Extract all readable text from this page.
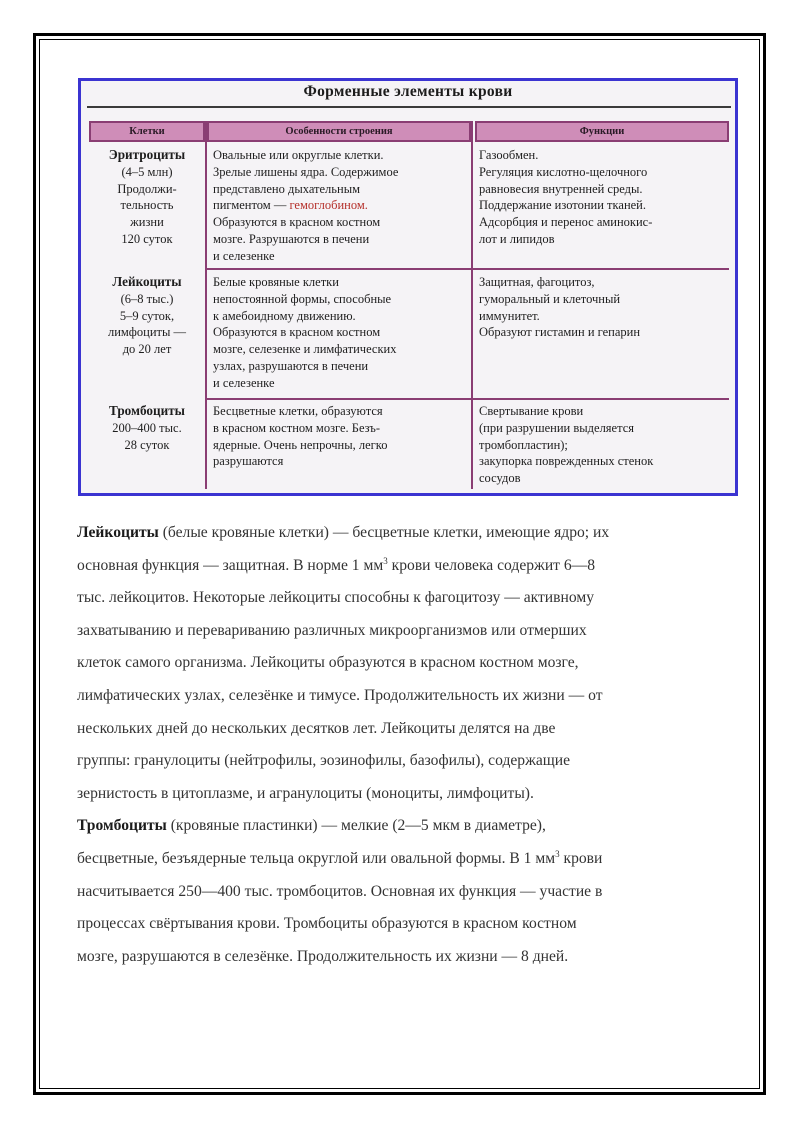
Форменные элементы крови
Клетки	Особенности строения	Функции
Эритроциты
(4–5 млн)
Продолжи-
тельность
жизни
120 суток
Овальные или округлые клетки.
Зрелые лишены ядра. Содержимое
представлено дыхательным
пигментом — гемоглобином.
Образуются в красном костном
мозге. Разрушаются в печени
и селезенке
Газообмен.
Регуляция кислотно-щелочного
равновесия внутренней среды.
Поддержание изотонии тканей.
Адсорбция и перенос аминокис-
лот и липидов
Лейкоциты
(6–8 тыс.)
5–9 суток,
лимфоциты —
до 20 лет
Белые кровяные клетки
непостоянной формы, способные
к амебоидному движению.
Образуются в красном костном
мозге, селезенке и лимфатических
узлах, разрушаются в печени
и селезенке
Защитная, фагоцитоз,
гуморальный и клеточный
иммунитет.
Образуют гистамин и гепарин
Тромбоциты
200–400 тыс.
28 суток
Бесцветные клетки, образуются
в красном костном мозге. Безъ-
ядерные. Очень непрочны, легко
разрушаются
Свертывание крови
(при разрушении выделяется
тромбопластин);
закупорка поврежденных стенок
сосудов
Лейкоциты (белые кровяные клетки) — бесцветные клетки, имеющие ядро; их
основная функция — защитная. В норме 1 $мм^3$ крови человека содержит 6—8
тыс. лейкоцитов. Некоторые лейкоциты способны к фагоцитозу — активному
захватыванию и перевариванию различных микроорганизмов или отмерших
клеток самого организма. Лейкоциты образуются в красном костном мозге,
лимфатических узлах, селезёнке и тимусе. Продолжительность их жизни — от
нескольких дней до нескольких десятков лет. Лейкоциты делятся на две
группы: гранулоциты (нейтрофилы, эозинофилы, базофилы), содержащие
зернистость в цитоплазме, и агранулоциты (моноциты, лимфоциты).
Тромбоциты (кровяные пластинки) — мелкие (2—5 мкм в диаметре),
бесцветные, безъядерные тельца округлой или овальной формы. В 1 $мм^3$ крови
насчитывается 250—400 тыс. тромбоцитов. Основная их функция — участие в
процессах свёртывания крови. Тромбоциты образуются в красном костном
мозге, разрушаются в селезёнке. Продолжительность их жизни — 8 дней.
